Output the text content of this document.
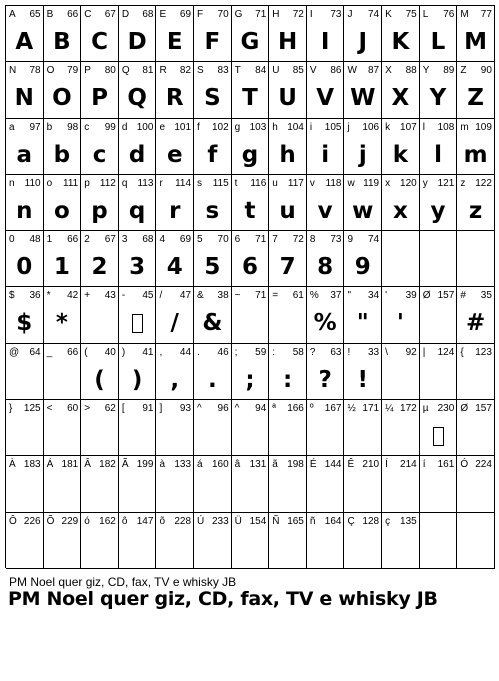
A 65
A
B 66
B
C 67
C
D 68
D
E 69
E
F 70
F
G 71
G
H 72
H
I 73
I
J 74
J
K 75
K
L 76
L
M 77
M
N 78
N
O 79
O
P 80
P
Q 81
Q
R 82
R
S 83
S
T 84
T
U 85
U
V 86
V
W 87
W
X 88
X
Y 89
Y
Z 90
Z
a 97
a
b 98
b
c 99
c
d 100
d
e 101
e
f 102
f
g 103
g
h 104
h
i 105
i
j 106
j
k 107
k
l 108
l
m 109
m
n 110
n
o 111
o
p 112
p
q 113
q
r 114
r
s 115
s
t 116
t
u 117
u
v 118
v
w 119
w
x 120
x
y 121
y
z 122
z
0 48
0
1 66
1
2 67
2
3 68
3
4 69
4
5 70
5
6 71
6
7 72
7
8 73
8
9 74
9
$ 36
$
* 42
*
+ 43 - 45 / 47
/
& 38
&
~ 71 = 61 % 37
%
" 34
"
' 39
'
Ø 157 # 35
#
@ 64 _ 66 ( 40
(
) 41
)
, 44
,
. 46
.
; 59
;
: 58
:
? 63
?
! 33
!
\ 92 | 124 { 123
} 125 < 60 > 62 [ 91 ] 93 ^ 96 ^ 94 ª 166 º 167 ½ 171 ¼ 172 µ 230 Ø 157
À 183 Á 181 Â 182 Ã 199 à 133 á 160 â 131 ã 198 É 144 Ê 210 Í 214 í 161 Ó 224
Ô 226 Õ 229 ó 162 ô 147 õ 228 Ú 233 Ü 154 Ñ 165 ñ 164 Ç 128 ç 135
PM Noel quer giz, CD, fax, TV e whisky JB
PM Noel quer giz, CD, fax, TV e whisky JB
